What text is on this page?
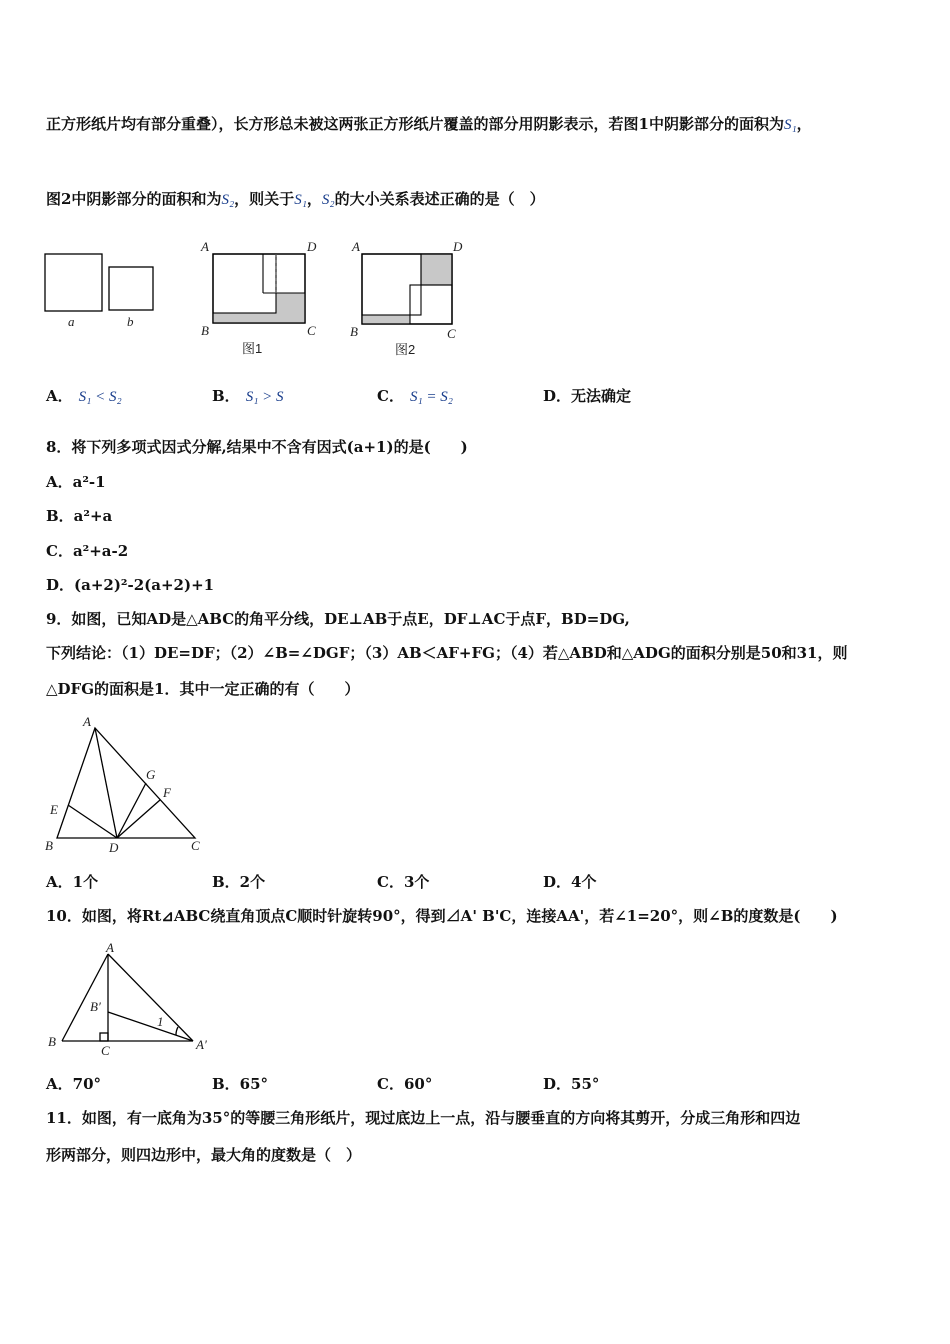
正方形纸片均有部分重叠），长方形总未被这两张正方形纸片覆盖的部分用阴影表示，若图1中阴影部分的面积为S₁，
图2中阴影部分的面积和为S₂，则关于S₁，S₂的大小关系表述正确的是（　）
a	b
A	D
B	C
图1
A	D
B	C
图2
A． S₁ < S₂	B． S₁ > S	C． S₁ = S₂	D．无法确定
8．将下列多项式因式分解,结果中不含有因式(a+1)的是(　　)
A．a²-1
B．a²+a
C．a²+a-2
D．(a+2)²-2(a+2)+1
9．如图，已知AD是△ABC的角平分线，DE⊥AB于点E，DF⊥AC于点F，BD=DG,
下列结论：（1）DE=DF；（2）∠B=∠DGF；（3）AB＜AF+FG；（4）若△ABD和△ADG的面积分别是50和31，则
△DFG的面积是1．其中一定正确的有（　　）
A
G
F
E
B	D	C
A．1个	B．2个	C．3个	D．4个
10．如图，将Rt⊿ABC绕直角顶点C顺时针旋转90°，得到⊿A' B'C，连接AA'，若∠1=20°，则∠B的度数是(　　)
A
B′
1
B
C	A′
A．70°	B．65°	C．60°	D．55°
11．如图，有一底角为35°的等腰三角形纸片，现过底边上一点，沿与腰垂直的方向将其剪开，分成三角形和四边
形两部分，则四边形中，最大角的度数是（　）
